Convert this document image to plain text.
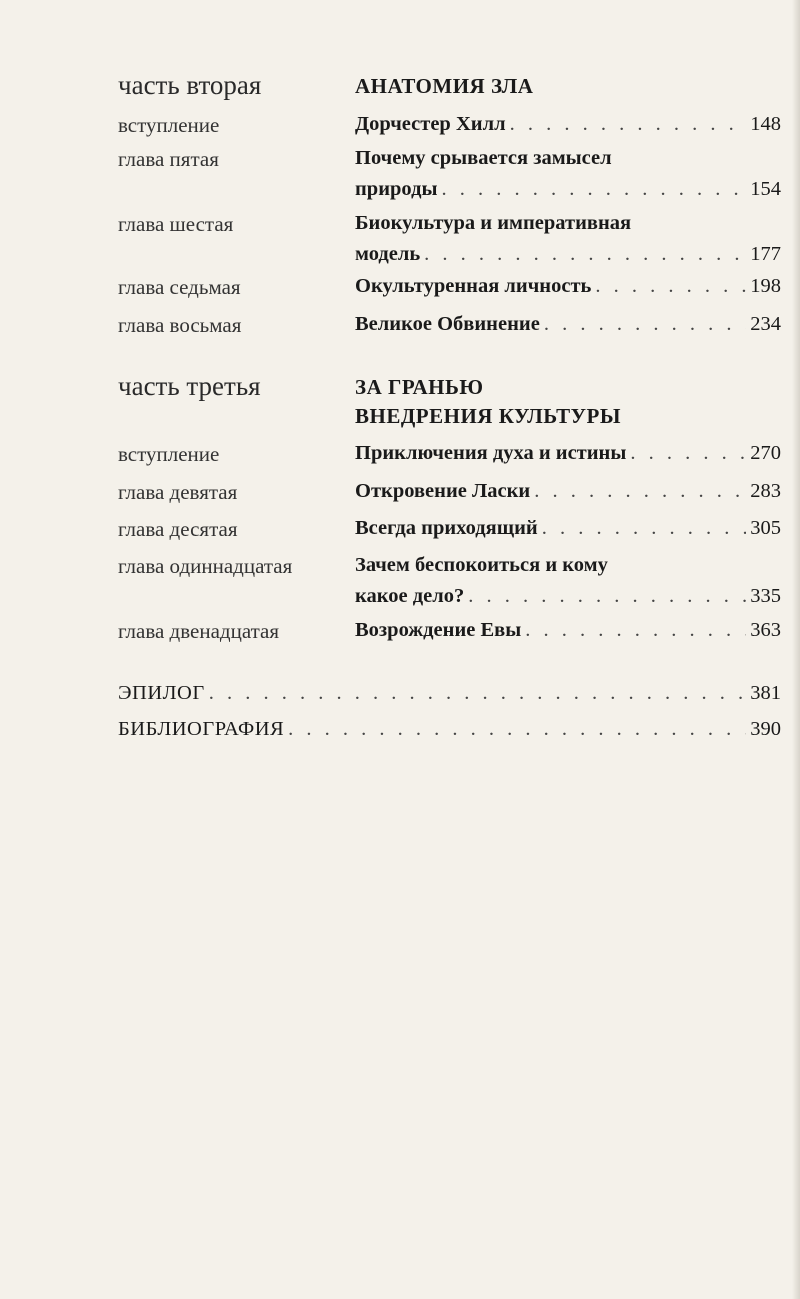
часть вторая	АНАТОМИЯ ЗЛА
вступление	Дорчестер Хилл . . .	148
глава пятая	Почему срывается замысел
природы . . .	154
глава шестая	Биокультура и императивная
модель . . .	177
глава седьмая	Окультуренная личность . . .	198
глава восьмая	Великое Обвинение . . .	234
часть третья	ЗА ГРАНЬЮ
ВНЕДРЕНИЯ КУЛЬТУРЫ
вступление	Приключения духа и истины . . .	270
глава девятая	Откровение Ласки . . .	283
глава десятая	Всегда приходящий . . .	305
глава одиннадцатая	Зачем беспокоиться и кому
какое дело? . . .	335
глава двенадцатая	Возрождение Евы . . .	363
ЭПИЛОГ . . .	381
БИБЛИОГРАФИЯ . . .	390
